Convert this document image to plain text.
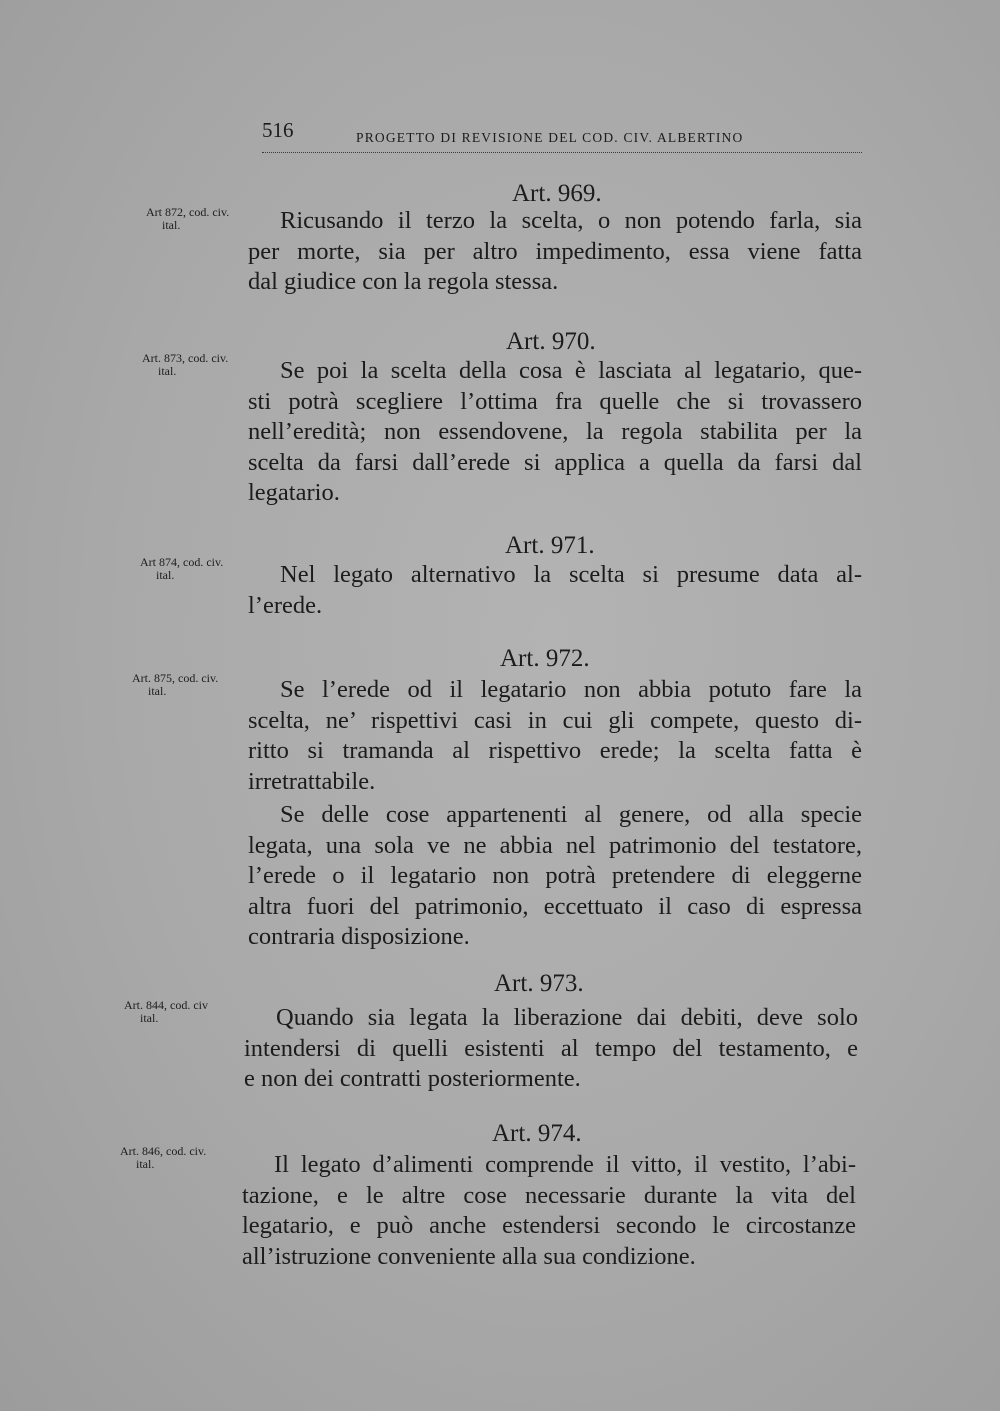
516	PROGETTO DI REVISIONE DEL COD. CIV. ALBERTINO
Art. 969.
Art 872, cod. civ.
ital.	Ricusando il terzo la scelta, o non potendo farla, sia
per morte, sia per altro impedimento, essa viene fatta
dal giudice con la regola stessa.
Art. 970.
Art. 873, cod. civ.
ital.	Se poi la scelta della cosa è lasciata al legatario, que-
sti potrà scegliere l’ottima fra quelle che si trovassero
nell’eredità; non essendovene, la regola stabilita per la
scelta da farsi dall’erede si applica a quella da farsi dal
legatario.
Art. 971.
Art 874, cod. civ.
ital.	Nel legato alternativo la scelta si presume data al-
l’erede.
Art. 972.
Art. 875, cod. civ.
ital.	Se l’erede od il legatario non abbia potuto fare la
scelta, ne’ rispettivi casi in cui gli compete, questo di-
ritto si tramanda al rispettivo erede; la scelta fatta è
irretrattabile.
Se delle cose appartenenti al genere, od alla specie
legata, una sola ve ne abbia nel patrimonio del testatore,
l’erede o il legatario non potrà pretendere di eleggerne
altra fuori del patrimonio, eccettuato il caso di espressa
contraria disposizione.
Art. 973.
Art. 844, cod. civ
ital.	Quando sia legata la liberazione dai debiti, deve solo
intendersi di quelli esistenti al tempo del testamento, e
e non dei contratti posteriormente.
Art. 974.
Art. 846, cod. civ.
ital.	Il legato d’alimenti comprende il vitto, il vestito, l’abi-
tazione, e le altre cose necessarie durante la vita del
legatario, e può anche estendersi secondo le circostanze
all’istruzione conveniente alla sua condizione.
